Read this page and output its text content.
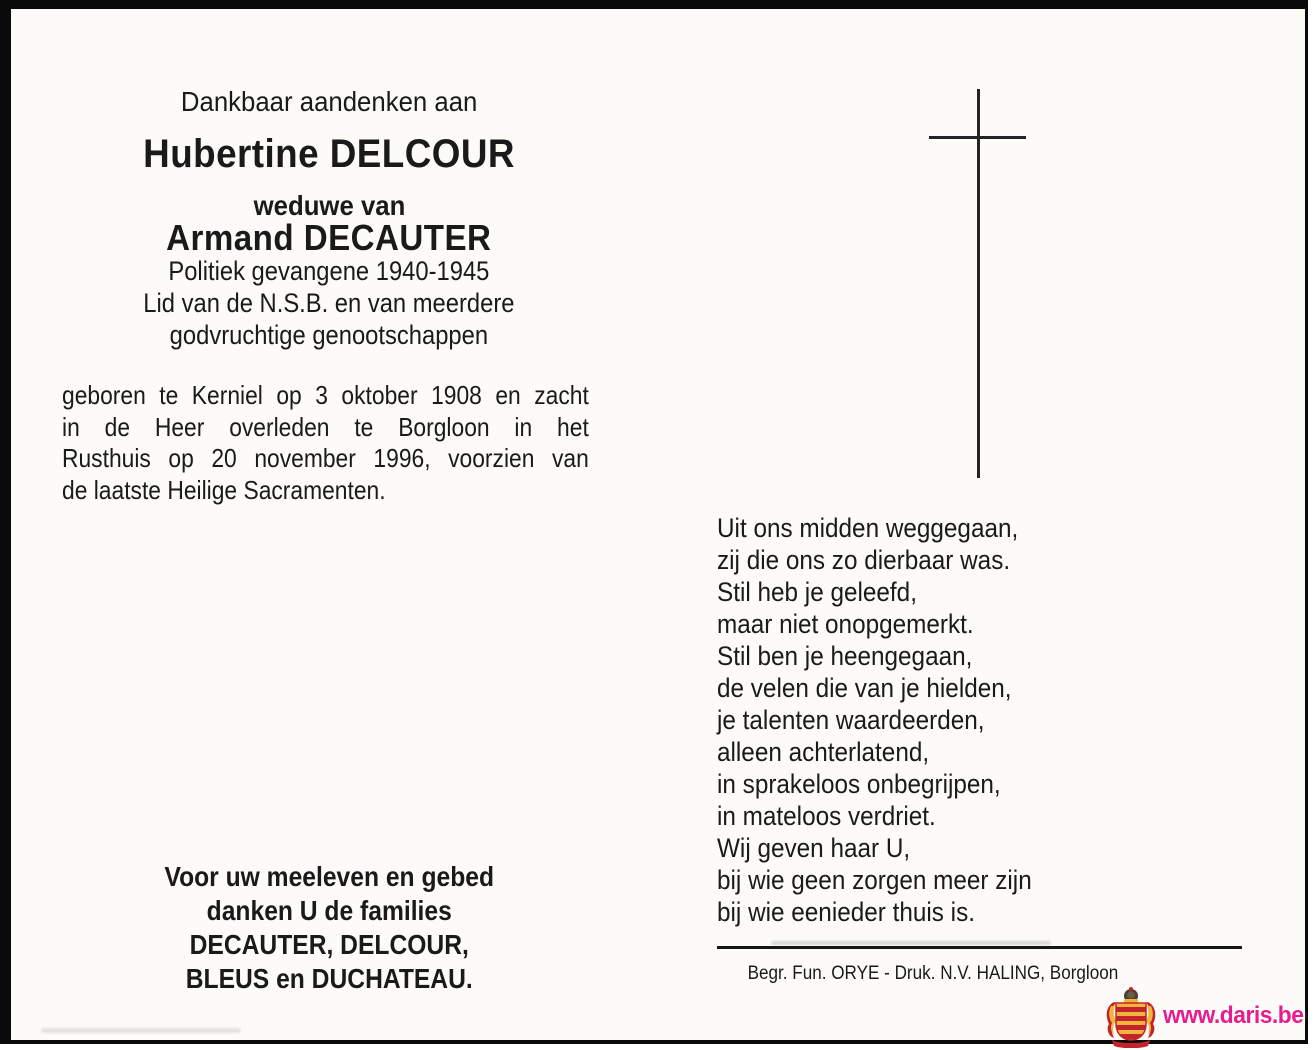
Dankbaar aandenken aan
Hubertine DELCOUR
weduwe van
Armand DECAUTER
Politiek gevangene 1940-1945
Lid van de N.S.B. en van meerdere
godvruchtige genootschappen
geboren te Kerniel op 3 oktober 1908 en zacht
in de Heer overleden te Borgloon in het
Rusthuis op 20 november 1996, voorzien van
de laatste Heilige Sacramenten.
Voor uw meeleven en gebed
danken U de families
DECAUTER, DELCOUR,
BLEUS en DUCHATEAU.
Uit ons midden weggegaan,
zij die ons zo dierbaar was.
Stil heb je geleefd,
maar niet onopgemerkt.
Stil ben je heengegaan,
de velen die van je hielden,
je talenten waardeerden,
alleen achterlatend,
in sprakeloos onbegrijpen,
in mateloos verdriet.
Wij geven haar U,
bij wie geen zorgen meer zijn
bij wie eenieder thuis is.
Begr. Fun. ORYE - Druk. N.V. HALING, Borgloon
www.daris.be
